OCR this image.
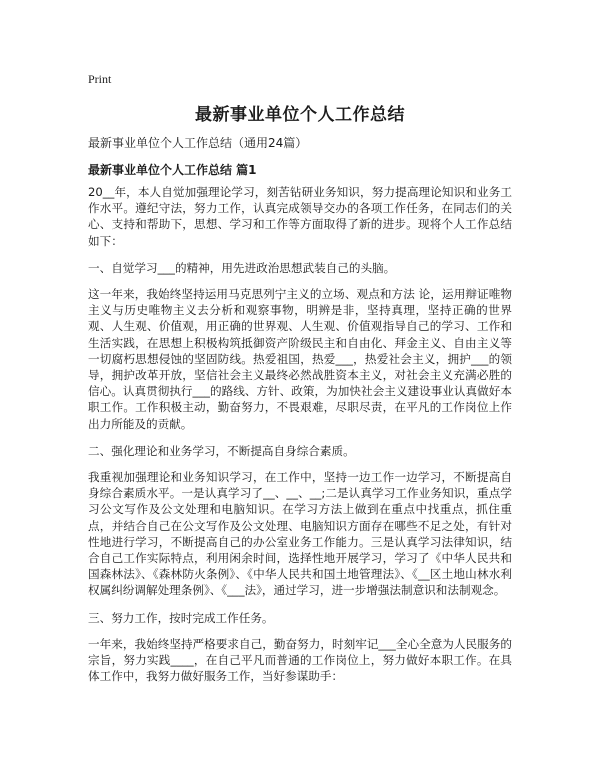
Print
最新事业单位个人工作总结
最新事业单位个人工作总结（通用24篇）
最新事业单位个人工作总结 篇1

20__年，本人自觉加强理论学习，刻苦钻研业务知识，努力提高理论知识和业务工作水平。遵纪守法，努力工作，认真完成领导交办的各项工作任务，在同志们的关心、支持和帮助下，思想、学习和工作等方面取得了新的进步。现将个人工作总结如下：

一、自觉学习___的精神，用先进政治思想武装自己的头脑。

这一年来，我始终坚持运用马克思列宁主义的立场、观点和方法 论，运用辩证唯物主义与历史唯物主义去分析和观察事物，明辨是非，坚持真理，坚持正确的世界观、人生观、价值观，用正确的世界观、人生观、价值观指导自己的学习、工作和生活实践，在思想上积极构筑抵御资产阶级民主和自由化、拜金主义、自由主义等一切腐朽思想侵蚀的坚固防线。热爱祖国，热爱___，热爱社会主义，拥护___的领导，拥护改革开放，坚信社会主义最终必然战胜资本主义，对社会主义充满必胜的信心。认真贯彻执行___的路线、方针、政策，为加快社会主义建设事业认真做好本职工作。工作积极主动，勤奋努力，不畏艰难，尽职尽责，在平凡的工作岗位上作出力所能及的贡献。

二、强化理论和业务学习，不断提高自身综合素质。

我重视加强理论和业务知识学习，在工作中，坚持一边工作一边学习，不断提高自身综合素质水平。一是认真学习了__、__、__;二是认真学习工作业务知识，重点学习公文写作及公文处理和电脑知识。在学习方法上做到在重点中找重点，抓住重点，并结合自己在公文写作及公文处理、电脑知识方面存在哪些不足之处，有针对性地进行学习，不断提高自己的办公室业务工作能力。三是认真学习法律知识，结合自己工作实际特点，利用闲余时间，选择性地开展学习，学习了《中华人民共和国森林法》、《森林防火条例》、《中华人民共和国土地管理法》、《__区土地山林水利权属纠纷调解处理条例》、《___法》，通过学习，进一步增强法制意识和法制观念。

三、努力工作，按时完成工作任务。

一年来，我始终坚持严格要求自己，勤奋努力，时刻牢记___全心全意为人民服务的宗旨，努力实践____，在自己平凡而普通的工作岗位上，努力做好本职工作。在具体工作中，我努力做好服务工作，当好参谋助手：
